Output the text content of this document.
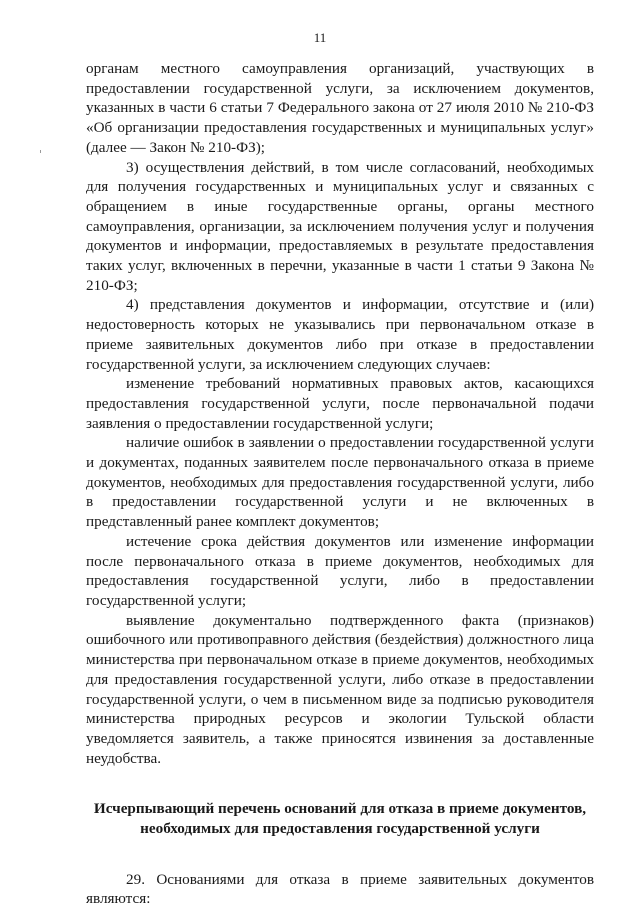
11

органам местного самоуправления организаций, участвующих в предоставлении государственной услуги, за исключением документов, указанных в части 6 статьи 7 Федерального закона от 27 июля 2010 № 210-ФЗ «Об организации предоставления государственных и муниципальных услуг» (далее — Закон № 210-ФЗ);

3) осуществления действий, в том числе согласований, необходимых для получения государственных и муниципальных услуг и связанных с обращением в иные государственные органы, органы местного самоуправления, организации, за исключением получения услуг и получения документов и информации, предоставляемых в результате предоставления таких услуг, включенных в перечни, указанные в части 1 статьи 9 Закона № 210-ФЗ;

4) представления документов и информации, отсутствие и (или) недостоверность которых не указывались при первоначальном отказе в приеме заявительных документов либо при отказе в предоставлении государственной услуги, за исключением следующих случаев:

изменение требований нормативных правовых актов, касающихся предоставления государственной услуги, после первоначальной подачи заявления о предоставлении государственной услуги;

наличие ошибок в заявлении о предоставлении государственной услуги и документах, поданных заявителем после первоначального отказа в приеме документов, необходимых для предоставления государственной услуги, либо в предоставлении государственной услуги и не включенных в представленный ранее комплект документов;

истечение срока действия документов или изменение информации после первоначального отказа в приеме документов, необходимых для предоставления государственной услуги, либо в предоставлении государственной услуги;

выявление документально подтвержденного факта (признаков) ошибочного или противоправного действия (бездействия) должностного лица министерства при первоначальном отказе в приеме документов, необходимых для предоставления государственной услуги, либо отказе в предоставлении государственной услуги, о чем в письменном виде за подписью руководителя министерства природных ресурсов и экологии Тульской области уведомляется заявитель, а также приносятся извинения за доставленные неудобства.

Исчерпывающий перечень оснований для отказа в приеме документов, необходимых для предоставления государственной услуги

29. Основаниями для отказа в приеме заявительных документов являются:
